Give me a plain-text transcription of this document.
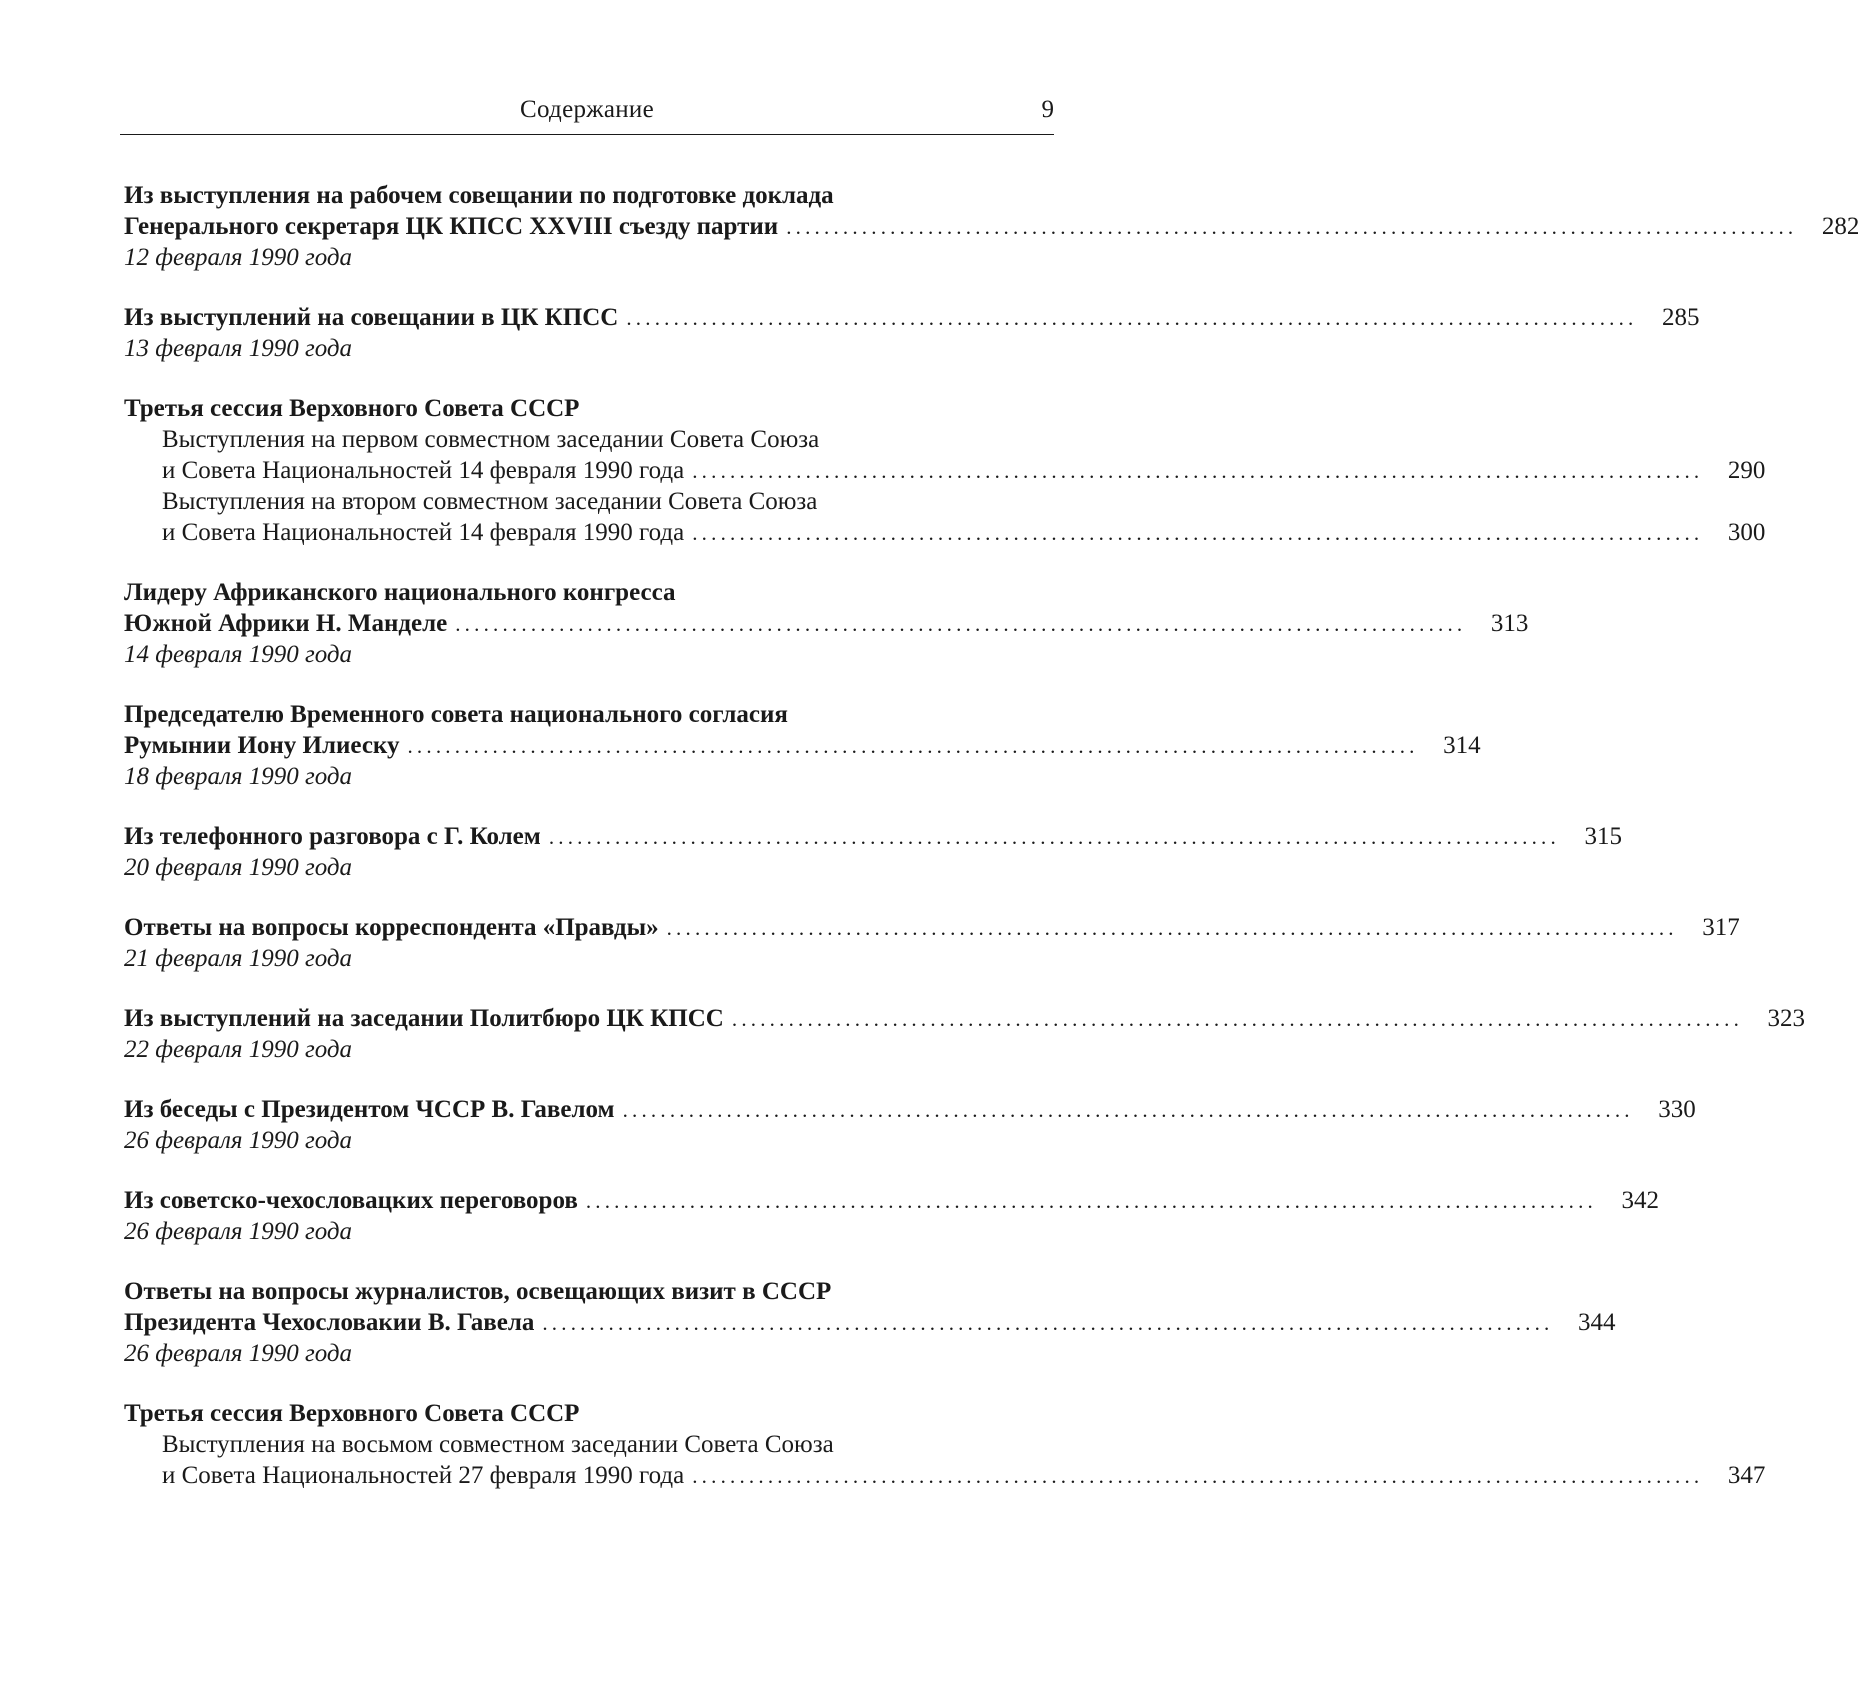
Содержание	9
Из выступления на рабочем совещании по подготовке доклада
Генерального секретаря ЦК КПСС XXVIII съезду партии ........................................................................................................... 282
12 февраля 1990 года
Из выступлений на совещании в ЦК КПСС ........................................................................................................... 285
13 февраля 1990 года
Третья сессия Верховного Совета СССР
Выступления на первом совместном заседании Совета Союза
и Совета Национальностей 14 февраля 1990 года ........................................................................................................... 290
Выступления на втором совместном заседании Совета Союза
и Совета Национальностей 14 февраля 1990 года ........................................................................................................... 300
Лидеру Африканского национального конгресса
Южной Африки Н. Манделе ........................................................................................................... 313
14 февраля 1990 года
Председателю Временного совета национального согласия
Румынии Иону Илиеску ........................................................................................................... 314
18 февраля 1990 года
Из телефонного разговора с Г. Колем ........................................................................................................... 315
20 февраля 1990 года
Ответы на вопросы корреспондента «Правды» ........................................................................................................... 317
21 февраля 1990 года
Из выступлений на заседании Политбюро ЦК КПСС ........................................................................................................... 323
22 февраля 1990 года
Из беседы с Президентом ЧССР В. Гавелом ........................................................................................................... 330
26 февраля 1990 года
Из советско-чехословацких переговоров ........................................................................................................... 342
26 февраля 1990 года
Ответы на вопросы журналистов, освещающих визит в СССР
Президента Чехословакии В. Гавела ........................................................................................................... 344
26 февраля 1990 года
Третья сессия Верховного Совета СССР
Выступления на восьмом совместном заседании Совета Союза
и Совета Национальностей 27 февраля 1990 года ........................................................................................................... 347
